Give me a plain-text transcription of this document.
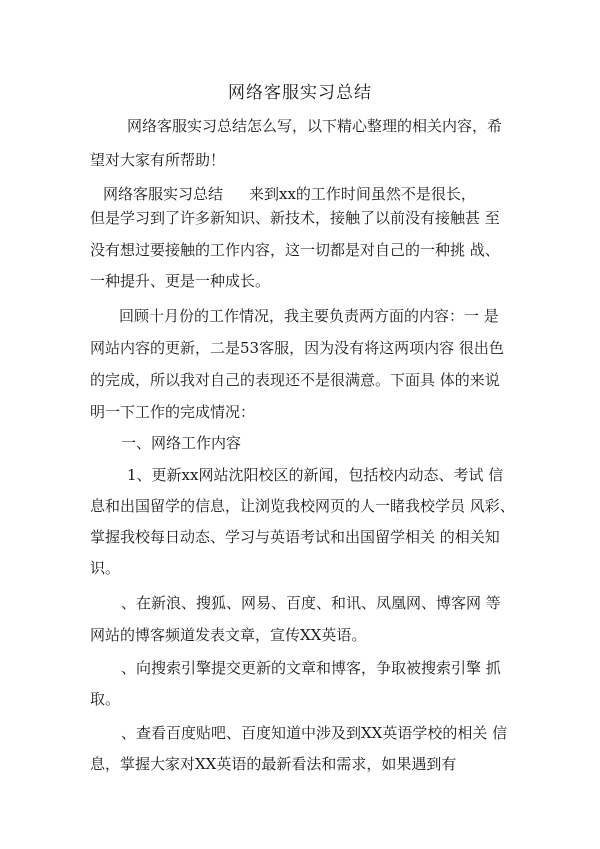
网络客服实习总结
网络客服实习总结怎么写，以下精心整理的相关内容，希
望对大家有所帮助！
网络客服实习总结 来到xx的工作时间虽然不是很长，
但是学习到了许多新知识、新技术，接触了以前没有接触甚 至
没有想过要接触的工作内容，这一切都是对自己的一种挑 战、
一种提升、更是一种成长。
回顾十月份的工作情况，我主要负责两方面的内容：一 是
网站内容的更新，二是53客服，因为没有将这两项内容 很出色
的完成，所以我对自己的表现还不是很满意。下面具 体的来说
明一下工作的完成情况：
一、网络工作内容
1、更新xx网站沈阳校区的新闻，包括校内动态、考试 信
息和出国留学的信息，让浏览我校网页的人一睹我校学员 风彩、
掌握我校每日动态、学习与英语考试和出国留学相关 的相关知
识。
、在新浪、搜狐、网易、百度、和讯、凤凰网、博客网 等
网站的博客频道发表文章，宣传XX英语。
、向搜索引擎提交更新的文章和博客，争取被搜索引擎 抓
取。
、查看百度贴吧、百度知道中涉及到XX英语学校的相关 信
息，掌握大家对XX英语的最新看法和需求，如果遇到有
